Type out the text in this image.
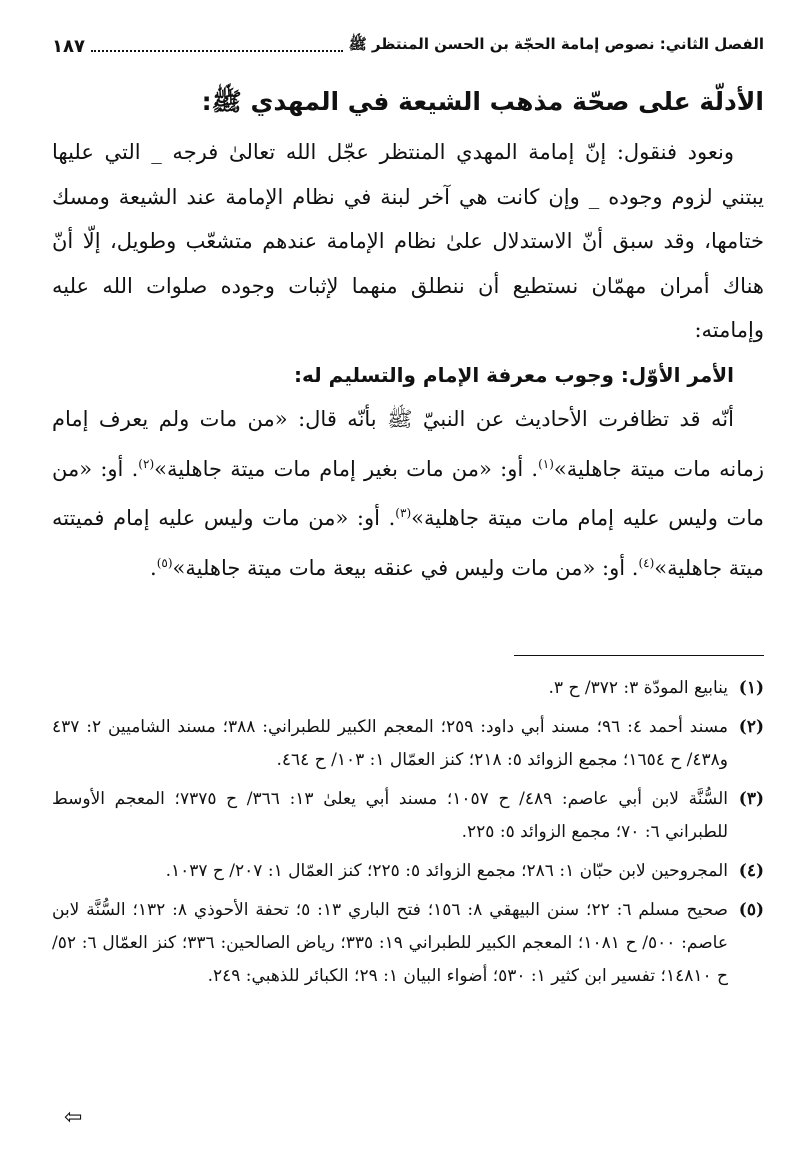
الفصل الثاني: نصوص إمامة الحجّة بن الحسن المنتظر ﷺ
١٨٧
الأدلّة على صحّة مذهب الشيعة في المهدي ﷺ:

ونعود فنقول: إنّ إمامة المهدي المنتظر عجّل الله تعالىٰ فرجه _ التي عليها يبتني لزوم وجوده _ وإن كانت هي آخر لبنة في نظام الإمامة عند الشيعة ومسك ختامها، وقد سبق أنّ الاستدلال علىٰ نظام الإمامة عندهم متشعّب وطويل، إلّا أنّ هناك أمران مهمّان نستطيع أن ننطلق منهما لإثبات وجوده صلوات الله عليه وإمامته:

الأمر الأوّل: وجوب معرفة الإمام والتسليم له:

أنّه قد تظافرت الأحاديث عن النبيّ ﷺ بأنّه قال: «من مات ولم يعرف إمام زمانه مات ميتة جاهلية»$^{(١)}$. أو: «من مات بغير إمام مات ميتة جاهلية»$^{(٢)}$. أو: «من مات وليس عليه إمام مات ميتة جاهلية»$^{(٣)}$. أو: «من مات وليس عليه إمام فميتته ميتة جاهلية»$^{(٤)}$. أو: «من مات وليس في عنقه بيعة مات ميتة جاهلية»$^{(٥)}$.

(١)
ينابيع المودّة ٣: ٣٧٢/ ح ٣.
(٢)
مسند أحمد ٤: ٩٦؛ مسند أبي داود: ٢٥٩؛ المعجم الكبير للطبراني: ٣٨٨؛ مسند الشاميين ٢: ٤٣٧ و٤٣٨/ ح ١٦٥٤؛ مجمع الزوائد ٥: ٢١٨؛ كنز العمّال ١: ١٠٣/ ح ٤٦٤.
(٣)
السُّنَّة لابن أبي عاصم: ٤٨٩/ ح ١٠٥٧؛ مسند أبي يعلىٰ ١٣: ٣٦٦/ ح ٧٣٧٥؛ المعجم الأوسط للطبراني ٦: ٧٠؛ مجمع الزوائد ٥: ٢٢٥.
(٤)
المجروحين لابن حبّان ١: ٢٨٦؛ مجمع الزوائد ٥: ٢٢٥؛ كنز العمّال ١: ٢٠٧/ ح ١٠٣٧.
(٥)
صحيح مسلم ٦: ٢٢؛ سنن البيهقي ٨: ١٥٦؛ فتح الباري ١٣: ٥؛ تحفة الأحوذي ٨: ١٣٢؛ السُّنَّة لابن عاصم: ٥٠٠/ ح ١٠٨١؛ المعجم الكبير للطبراني ١٩: ٣٣٥؛ رياض الصالحين: ٣٣٦؛ كنز العمّال ٦: ٥٢/ ح ١٤٨١٠؛ تفسير ابن كثير ١: ٥٣٠؛ أضواء البيان ١: ٢٩؛ الكبائر للذهبي: ٢٤٩.
⇦
